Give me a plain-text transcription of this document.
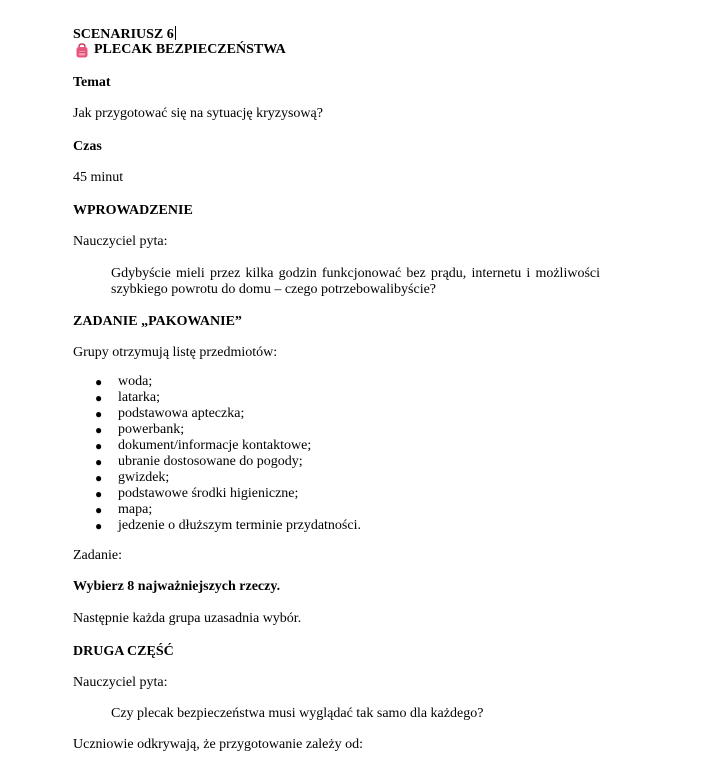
SCENARIUSZ 6

PLECAK BEZPIECZEŃSTWA

Temat

Jak przygotować się na sytuację kryzysową?

Czas

45 minut

WPROWADZENIE

Nauczyciel pyta:

Gdybyście mieli przez kilka godzin funkcjonować bez prądu, internetu i możliwości szybkiego powrotu do domu – czego potrzebowalibyście?

ZADANIE „PAKOWANIE”

Grupy otrzymują listę przedmiotów:

● woda;
● latarka;
● podstawowa apteczka;
● powerbank;
● dokument/informacje kontaktowe;
● ubranie dostosowane do pogody;
● gwizdek;
● podstawowe środki higieniczne;
● mapa;
● jedzenie o dłuższym terminie przydatności.

Zadanie:

Wybierz 8 najważniejszych rzeczy.

Następnie każda grupa uzasadnia wybór.

DRUGA CZĘŚĆ

Nauczyciel pyta:

Czy plecak bezpieczeństwa musi wyglądać tak samo dla każdego?

Uczniowie odkrywają, że przygotowanie zależy od:
